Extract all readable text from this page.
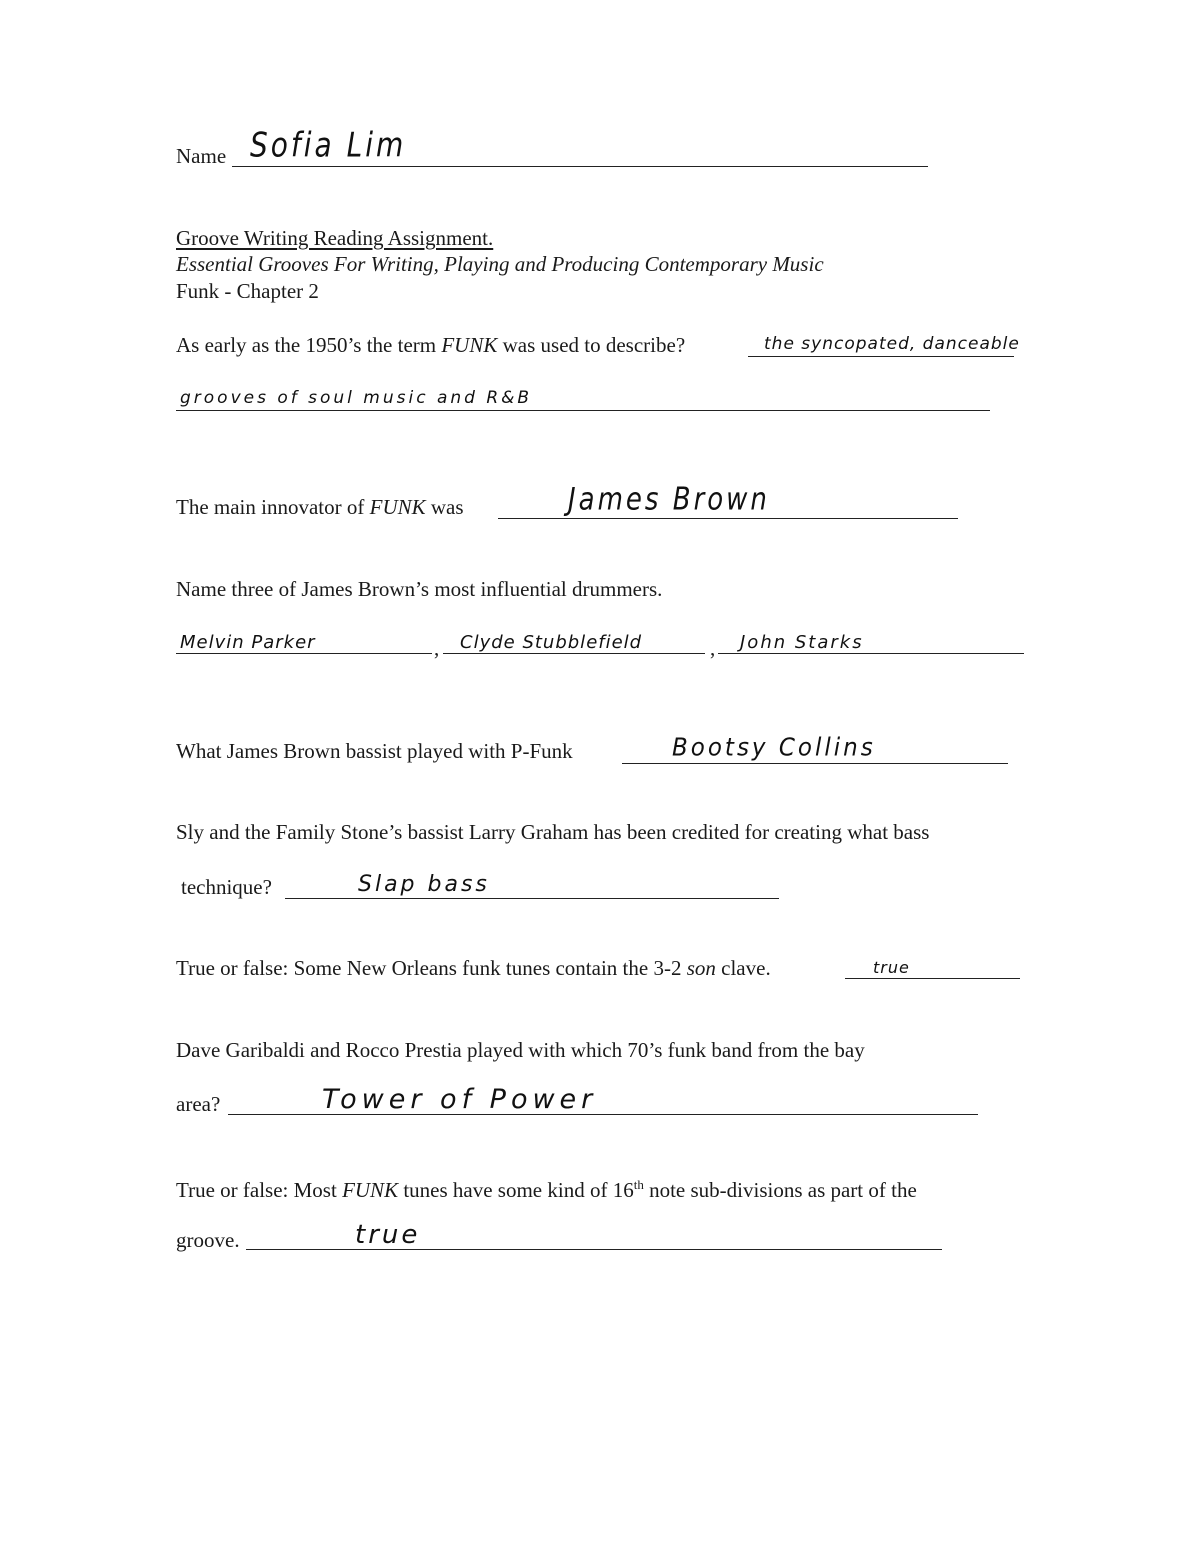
Name Sofia Lim
Groove Writing Reading Assignment.
Essential Grooves For Writing, Playing and Producing Contemporary Music
Funk - Chapter 2
As early as the 1950’s the term FUNK was used to describe?	the syncopated, danceable
grooves of soul music and R&B
The main innovator of FUNK was	James Brown
Name three of James Brown’s most influential drummers.
Melvin Parker	, Clyde Stubblefield	, John Starks
What James Brown bassist played with P-Funk	Bootsy Collins
Sly and the Family Stone’s bassist Larry Graham has been credited for creating what bass
technique?	Slap bass
True or false: Some New Orleans funk tunes contain the 3-2 son clave.	true
Dave Garibaldi and Rocco Prestia played with which 70’s funk band from the bay
area?	Tower of Power
True or false: Most FUNK tunes have some kind of 16th note sub-divisions as part of the
groove.	true
